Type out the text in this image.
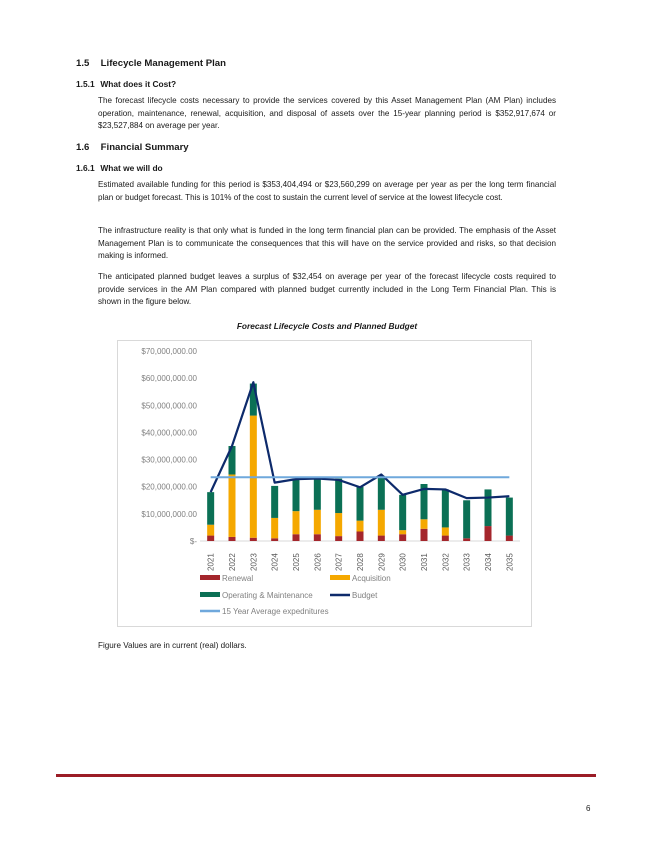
1.5 Lifecycle Management Plan
1.5.1 What does it Cost?

The forecast lifecycle costs necessary to provide the services covered by this Asset Management Plan (AM Plan) includes operation, maintenance, renewal, acquisition, and disposal of assets over the 15-year planning period is $352,917,674 or $23,527,884 on average per year.

1.6 Financial Summary
1.6.1 What we will do

Estimated available funding for this period is $353,404,494 or $23,560,299 on average per year as per the long term financial plan or budget forecast. This is 101% of the cost to sustain the current level of service at the lowest lifecycle cost.

The infrastructure reality is that only what is funded in the long term financial plan can be provided. The emphasis of the Asset Management Plan is to communicate the consequences that this will have on the service provided and risks, so that decision making is informed.

The anticipated planned budget leaves a surplus of $32,454 on average per year of the forecast lifecycle costs required to provide services in the AM Plan compared with planned budget currently included in the Long Term Financial Plan. This is shown in the figure below.

Forecast Lifecycle Costs and Planned Budget
$-
$10,000,000.00
$20,000,000.00
$30,000,000.00
$40,000,000.00
$50,000,000.00
$60,000,000.00
$70,000,000.00
2021 2022 2023 2024 2025 2026 2027 2028 2029 2030 2031 2032 2033 2034 2035
Renewal	Acquisition
Operating & Maintenance	Budget
15 Year Average expednitures
Figure Values are in current (real) dollars.
6
